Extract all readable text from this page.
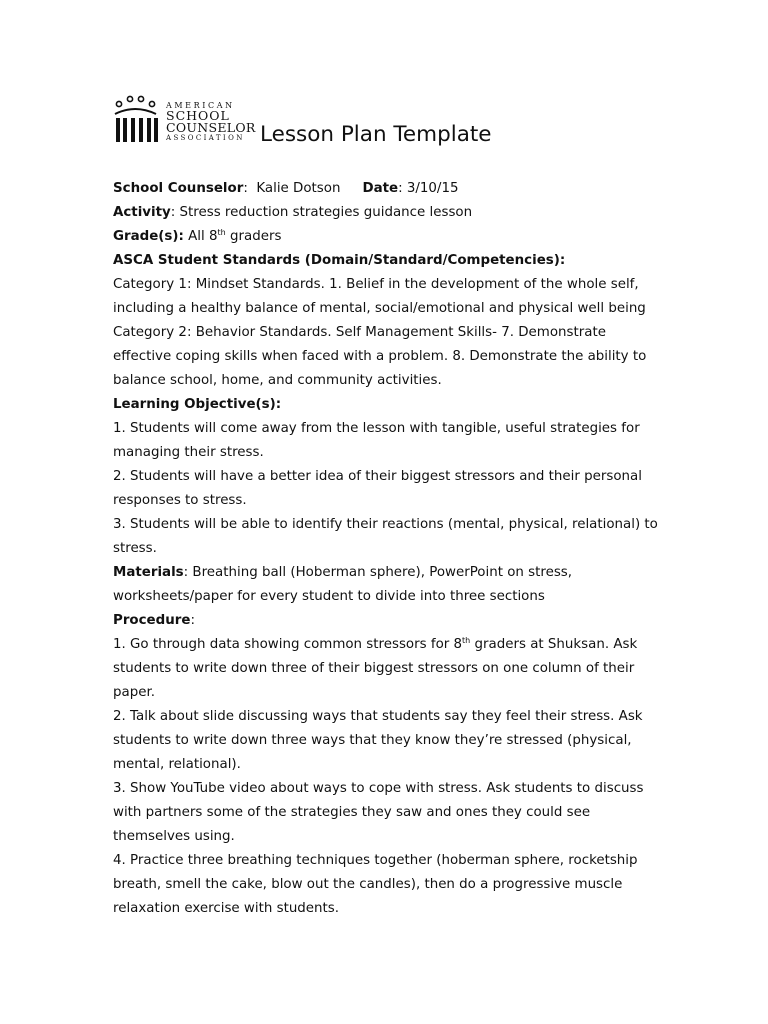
AMERICAN
SCHOOL
COUNSELOR
ASSOCIATION Lesson Plan Template
School Counselor:  Kalie Dotson Date: 3/10/15
Activity: Stress reduction strategies guidance lesson
Grade(s): All 8th graders
ASCA Student Standards (Domain/Standard/Competencies):
Category 1: Mindset Standards. 1. Belief in the development of the whole self,
including a healthy balance of mental, social/emotional and physical well being
Category 2: Behavior Standards. Self Management Skills- 7. Demonstrate
effective coping skills when faced with a problem. 8. Demonstrate the ability to
balance school, home, and community activities.
Learning Objective(s):
1. Students will come away from the lesson with tangible, useful strategies for
managing their stress.
2. Students will have a better idea of their biggest stressors and their personal
responses to stress.
3. Students will be able to identify their reactions (mental, physical, relational) to
stress.
Materials: Breathing ball (Hoberman sphere), PowerPoint on stress,
worksheets/paper for every student to divide into three sections
Procedure:
1. Go through data showing common stressors for 8th graders at Shuksan. Ask
students to write down three of their biggest stressors on one column of their
paper.
2. Talk about slide discussing ways that students say they feel their stress. Ask
students to write down three ways that they know they’re stressed (physical,
mental, relational).
3. Show YouTube video about ways to cope with stress. Ask students to discuss
with partners some of the strategies they saw and ones they could see
themselves using.
4. Practice three breathing techniques together (hoberman sphere, rocketship
breath, smell the cake, blow out the candles), then do a progressive muscle
relaxation exercise with students.
